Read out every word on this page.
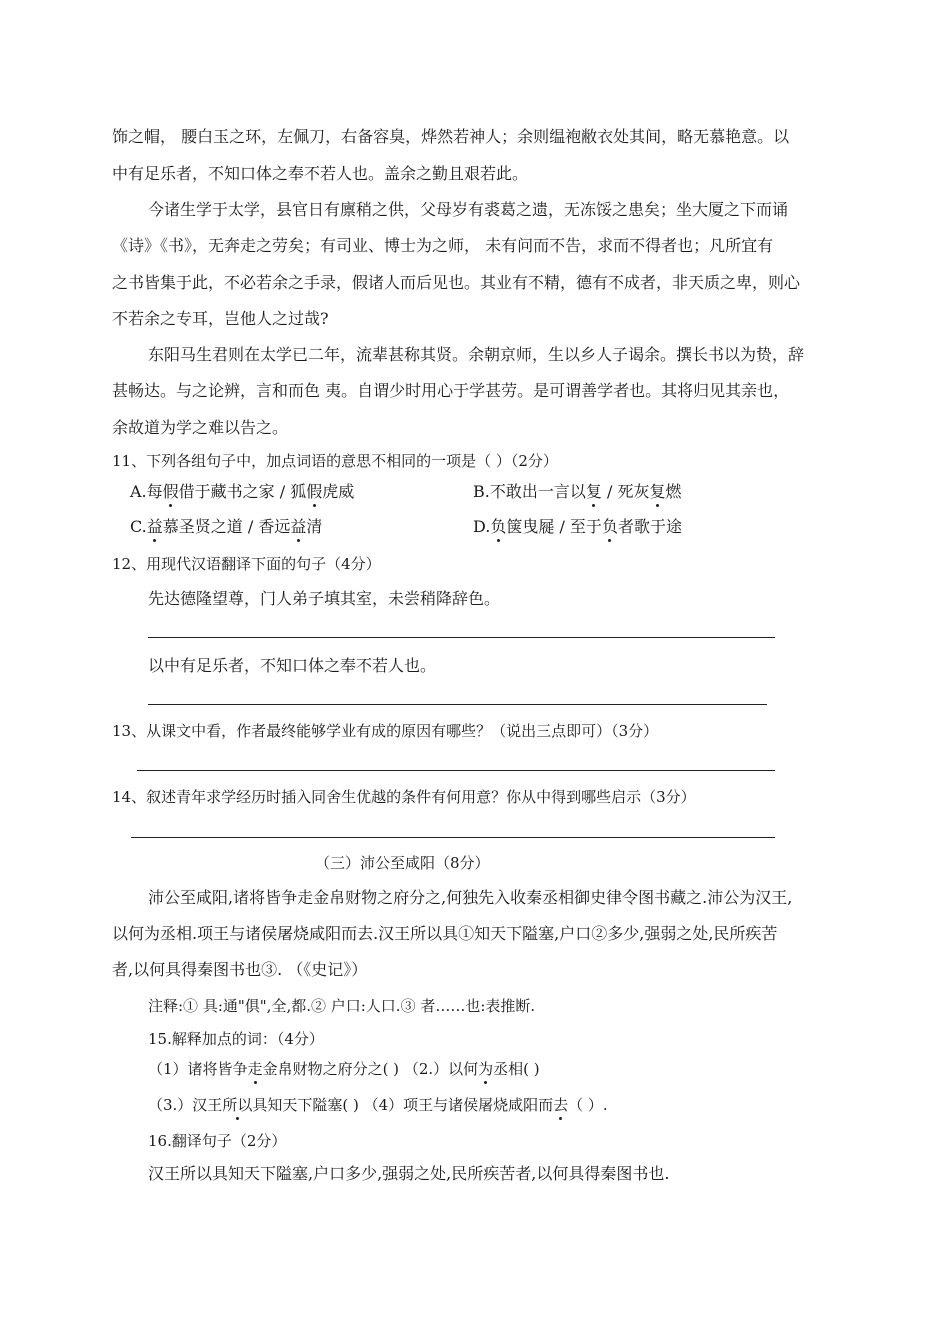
饰之帽， 腰白玉之环，左佩刀，右备容臭，烨然若神人；余则缊袍敝衣处其间，略无慕艳意。以
中有足乐者，不知口体之奉不若人也。盖余之勤且艰若此。
今诸生学于太学，县官日有廪稍之供，父母岁有裘葛之遗，无冻馁之患矣；坐大厦之下而诵
《诗》《书》，无奔走之劳矣；有司业、博士为之师， 未有问而不告，求而不得者也；凡所宜有
之书皆集于此，不必若余之手录，假诸人而后见也。其业有不精，德有不成者，非天质之卑，则心
不若余之专耳，岂他人之过哉?
东阳马生君则在太学已二年，流辈甚称其贤。余朝京师，生以乡人子谒余。撰长书以为贽，辞
甚畅达。与之论辨，言和而色 夷。自谓少时用心于学甚劳。是可谓善学者也。其将归见其亲也，
余故道为学之难以告之。
11、下列各组句子中，加点词语的意思不相同的一项是（ ）（2分）
A.每假借于藏书之家 / 狐假虎威	B.不敢出一言以复 / 死灰复燃
C.益慕圣贤之道 / 香远益清	D.负箧曳屣 / 至于负者歌于途
12、用现代汉语翻译下面的句子（4分）
先达德隆望尊，门人弟子填其室，未尝稍降辞色。
以中有足乐者，不知口体之奉不若人也。
13、从课文中看，作者最终能够学业有成的原因有哪些？（说出三点即可）（3分）
14、叙述青年求学经历时插入同舍生优越的条件有何用意？你从中得到哪些启示（3分）
（三）沛公至咸阳（8分）
沛公至咸阳,诸将皆争走金帛财物之府分之,何独先入收秦丞相御史律令图书藏之.沛公为汉王,
以何为丞相.项王与诸侯屠烧咸阳而去.汉王所以具①知天下隘塞,户口②多少,强弱之处,民所疾苦
者,以何具得秦图书也③. （《史记》）
注释:① 具:通"俱",全,都.② 户口:人口.③ 者……也:表推断.
15.解释加点的词：（4分）
（1）诸将皆争走金帛财物之府分之( ) （2.）以何为丞相( )
（3.）汉王所以具知天下隘塞( ) （4）项王与诸侯屠烧咸阳而去（ ）.
16.翻译句子（2分）
汉王所以具知天下隘塞,户口多少,强弱之处,民所疾苦者,以何具得秦图书也.
